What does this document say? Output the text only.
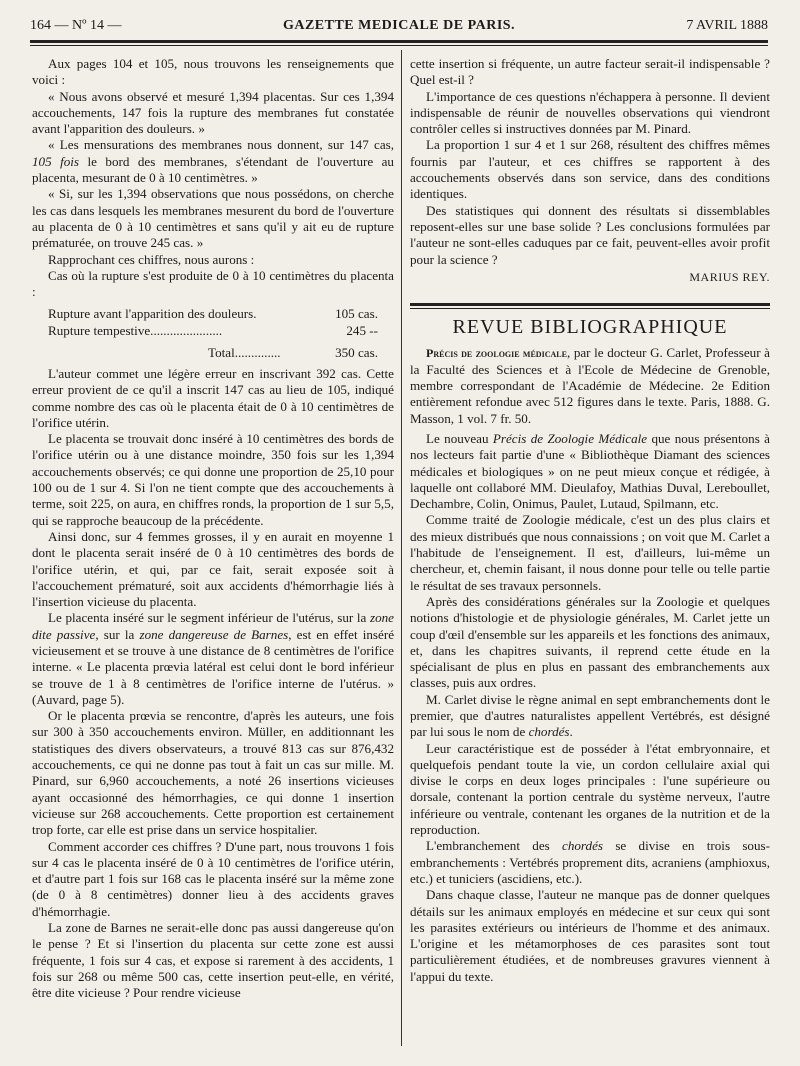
164 — Nº 14 —	GAZETTE MEDICALE DE PARIS.	7 AVRIL 1888

Aux pages 104 et 105, nous trouvons les renseignements que voici :

« Nous avons observé et mesuré 1,394 placentas. Sur ces 1,394 accouchements, 147 fois la rupture des membranes fut constatée avant l'apparition des douleurs. »

« Les mensurations des membranes nous donnent, sur 147 cas, 105 fois le bord des membranes, s'étendant de l'ouverture au placenta, mesurant de 0 à 10 centimètres. »

« Si, sur les 1,394 observations que nous possédons, on cherche les cas dans lesquels les membranes mesurent du bord de l'ouverture au placenta de 0 à 10 centimètres et sans qu'il y ait eu de rupture prématurée, on trouve 245 cas. »

Rapprochant ces chiffres, nous aurons :

Cas où la rupture s'est produite de 0 à 10 centimètres du placenta :

Rupture avant l'apparition des douleurs.	105 cas.
Rupture tempestive......................	245 --
Total..............	350 cas.

L'auteur commet une légère erreur en inscrivant 392 cas. Cette erreur provient de ce qu'il a inscrit 147 cas au lieu de 105, indiqué comme nombre des cas où le placenta était de 0 à 10 centimètres de l'orifice utérin.

Le placenta se trouvait donc inséré à 10 centimètres des bords de l'orifice utérin ou à une distance moindre, 350 fois sur les 1,394 accouchements observés; ce qui donne une proportion de 25,10 pour 100 ou de 1 sur 4. Si l'on ne tient compte que des accouchements à terme, soit 225, on aura, en chiffres ronds, la proportion de 1 sur 5,5, qui se rapproche beaucoup de la précédente.

Ainsi donc, sur 4 femmes grosses, il y en aurait en moyenne 1 dont le placenta serait inséré de 0 à 10 centimètres des bords de l'orifice utérin, et qui, par ce fait, serait exposée soit à l'accouchement prématuré, soit aux accidents d'hémorrhagie liés à l'insertion vicieuse du placenta.

Le placenta inséré sur le segment inférieur de l'utérus, sur la zone dite passive, sur la zone dangereuse de Barnes, est en effet inséré vicieusement et se trouve à une distance de 8 centimètres de l'orifice interne. « Le placenta prœvia latéral est celui dont le bord inférieur se trouve de 1 à 8 centimètres de l'orifice interne de l'utérus. » (Auvard, page 5).

Or le placenta prœvia se rencontre, d'après les auteurs, une fois sur 300 à 350 accouchements environ. Müller, en additionnant les statistiques des divers observateurs, a trouvé 813 cas sur 876,432 accouchements, ce qui ne donne pas tout à fait un cas sur mille. M. Pinard, sur 6,960 accouchements, a noté 26 insertions vicieuses ayant occasionné des hémorrhagies, ce qui donne 1 insertion vicieuse sur 268 accouchements. Cette proportion est certainement trop forte, car elle est prise dans un service hospitalier.

Comment accorder ces chiffres ? D'une part, nous trouvons 1 fois sur 4 cas le placenta inséré de 0 à 10 centimètres de l'orifice utérin, et d'autre part 1 fois sur 168 cas le placenta inséré sur la même zone (de 0 à 8 centimètres) donner lieu à des accidents graves d'hémorrhagie.

La zone de Barnes ne serait-elle donc pas aussi dangereuse qu'on le pense ? Et si l'insertion du placenta sur cette zone est aussi fréquente, 1 fois sur 4 cas, et expose si rarement à des accidents, 1 fois sur 268 ou même 500 cas, cette insertion peut-elle, en vérité, être dite vicieuse ? Pour rendre vicieuse

cette insertion si fréquente, un autre facteur serait-il indispensable ? Quel est-il ?

L'importance de ces questions n'échappera à personne. Il devient indispensable de réunir de nouvelles observations qui viendront contrôler celles si instructives données par M. Pinard.

La proportion 1 sur 4 et 1 sur 268, résultent des chiffres mêmes fournis par l'auteur, et ces chiffres se rapportent à des accouchements observés dans son service, dans des conditions identiques.

Des statistiques qui donnent des résultats si dissemblables reposent-elles sur une base solide ? Les conclusions formulées par l'auteur ne sont-elles caduques par ce fait, peuvent-elles avoir profit pour la science ?

MARIUS REY.
REVUE BIBLIOGRAPHIQUE

Précis de zoologie médicale, par le docteur G. Carlet, Professeur à la Faculté des Sciences et à l'Ecole de Médecine de Grenoble, membre correspondant de l'Académie de Médecine. 2e Edition entièrement refondue avec 512 figures dans le texte. Paris, 1888. G. Masson, 1 vol. 7 fr. 50.

Le nouveau Précis de Zoologie Médicale que nous présentons à nos lecteurs fait partie d'une « Bibliothèque Diamant des sciences médicales et biologiques » on ne peut mieux conçue et rédigée, à laquelle ont collaboré MM. Dieulafoy, Mathias Duval, Lereboullet, Dechambre, Colin, Onimus, Paulet, Lutaud, Spilmann, etc.

Comme traité de Zoologie médicale, c'est un des plus clairs et des mieux distribués que nous connaissions ; on voit que M. Carlet a l'habitude de l'enseignement. Il est, d'ailleurs, lui-même un chercheur, et, chemin faisant, il nous donne pour telle ou telle partie le résultat de ses travaux personnels.

Après des considérations générales sur la Zoologie et quelques notions d'histologie et de physiologie générales, M. Carlet jette un coup d'œil d'ensemble sur les appareils et les fonctions des animaux, et, dans les chapitres suivants, il reprend cette étude en la spécialisant de plus en plus en passant des embranchements aux classes, puis aux ordres.

M. Carlet divise le règne animal en sept embranchements dont le premier, que d'autres naturalistes appellent Vertébrés, est désigné par lui sous le nom de chordés.

Leur caractéristique est de posséder à l'état embryonnaire, et quelquefois pendant toute la vie, un cordon cellulaire axial qui divise le corps en deux loges principales : l'une supérieure ou dorsale, contenant la portion centrale du système nerveux, l'autre inférieure ou ventrale, contenant les organes de la nutrition et de la reproduction.

L'embranchement des chordés se divise en trois sous-embranchements : Vertébrés proprement dits, acraniens (amphioxus, etc.) et tuniciers (ascidiens, etc.).

Dans chaque classe, l'auteur ne manque pas de donner quelques détails sur les animaux employés en médecine et sur ceux qui sont les parasites extérieurs ou intérieurs de l'homme et des animaux. L'origine et les métamorphoses de ces parasites sont tout particulièrement étudiées, et de nombreuses gravures viennent à l'appui du texte.
